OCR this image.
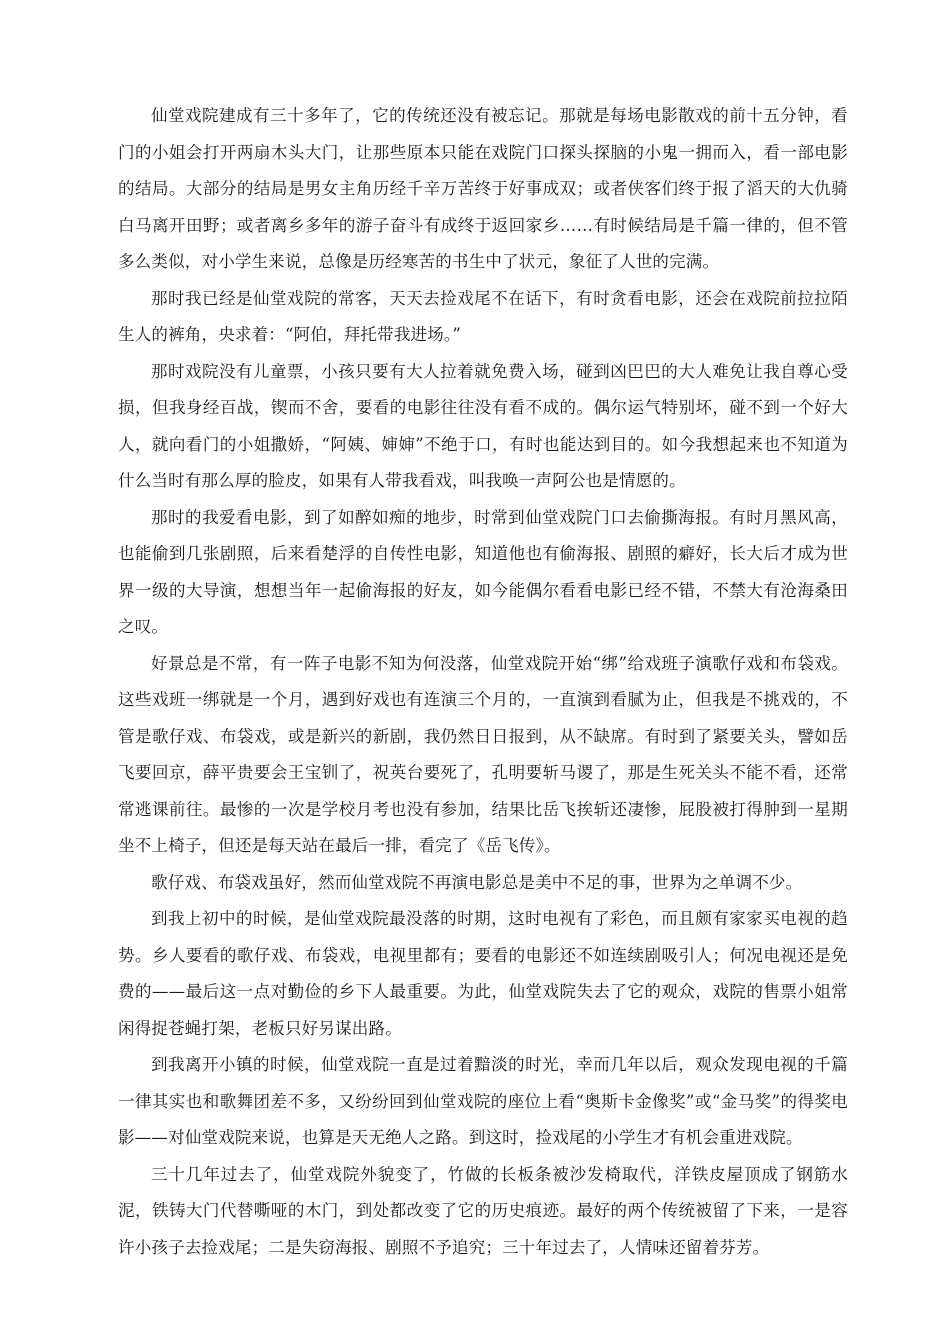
仙堂戏院建成有三十多年了，它的传统还没有被忘记。那就是每场电影散戏的前十五分钟，看门的小姐会打开两扇木头大门，让那些原本只能在戏院门口探头探脑的小鬼一拥而入，看一部电影的结局。大部分的结局是男女主角历经千辛万苦终于好事成双；或者侠客们终于报了滔天的大仇骑白马离开田野；或者离乡多年的游子奋斗有成终于返回家乡……有时候结局是千篇一律的，但不管多么类似，对小学生来说，总像是历经寒苦的书生中了状元，象征了人世的完满。

那时我已经是仙堂戏院的常客，天天去捡戏尾不在话下，有时贪看电影，还会在戏院前拉拉陌生人的裤角，央求着：“阿伯，拜托带我进场。”

那时戏院没有儿童票，小孩只要有大人拉着就免费入场，碰到凶巴巴的大人难免让我自尊心受损，但我身经百战，锲而不舍，要看的电影往往没有看不成的。偶尔运气特别坏，碰不到一个好大人，就向看门的小姐撒娇，“阿姨、婶婶”不绝于口，有时也能达到目的。如今我想起来也不知道为什么当时有那么厚的脸皮，如果有人带我看戏，叫我唤一声阿公也是情愿的。

那时的我爱看电影，到了如醉如痴的地步，时常到仙堂戏院门口去偷撕海报。有时月黑风高，也能偷到几张剧照，后来看楚浮的自传性电影，知道他也有偷海报、剧照的癖好，长大后才成为世界一级的大导演，想想当年一起偷海报的好友，如今能偶尔看看电影已经不错，不禁大有沧海桑田之叹。

好景总是不常，有一阵子电影不知为何没落，仙堂戏院开始“绑”给戏班子演歌仔戏和布袋戏。这些戏班一绑就是一个月，遇到好戏也有连演三个月的，一直演到看腻为止，但我是不挑戏的，不管是歌仔戏、布袋戏，或是新兴的新剧，我仍然日日报到，从不缺席。有时到了紧要关头，譬如岳飞要回京，薛平贵要会王宝钏了，祝英台要死了，孔明要斩马谡了，那是生死关头不能不看，还常常逃课前往。最惨的一次是学校月考也没有参加，结果比岳飞挨斩还凄惨，屁股被打得肿到一星期坐不上椅子，但还是每天站在最后一排，看完了《岳飞传》。

歌仔戏、布袋戏虽好，然而仙堂戏院不再演电影总是美中不足的事，世界为之单调不少。

到我上初中的时候，是仙堂戏院最没落的时期，这时电视有了彩色，而且颇有家家买电视的趋势。乡人要看的歌仔戏、布袋戏，电视里都有；要看的电影还不如连续剧吸引人；何况电视还是免费的——最后这一点对勤俭的乡下人最重要。为此，仙堂戏院失去了它的观众，戏院的售票小姐常闲得捉苍蝇打架，老板只好另谋出路。

到我离开小镇的时候，仙堂戏院一直是过着黯淡的时光，幸而几年以后，观众发现电视的千篇一律其实也和歌舞团差不多，又纷纷回到仙堂戏院的座位上看“奥斯卡金像奖”或“金马奖”的得奖电影——对仙堂戏院来说，也算是天无绝人之路。到这时，捡戏尾的小学生才有机会重进戏院。

三十几年过去了，仙堂戏院外貌变了，竹做的长板条被沙发椅取代，洋铁皮屋顶成了钢筋水泥，铁铸大门代替嘶哑的木门，到处都改变了它的历史痕迹。最好的两个传统被留了下来，一是容许小孩子去捡戏尾；二是失窃海报、剧照不予追究；三十年过去了，人情味还留着芬芳。
